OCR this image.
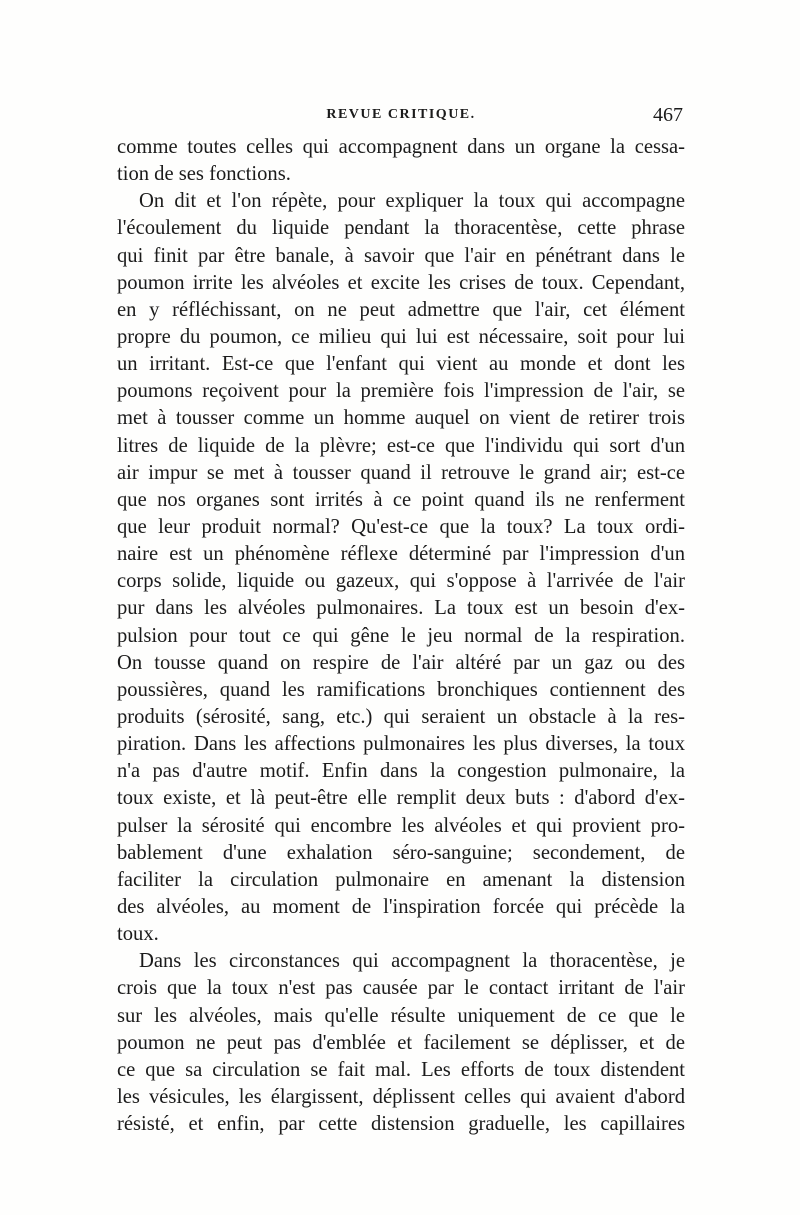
REVUE CRITIQUE.	467
comme toutes celles qui accompagnent dans un organe la cessa-
tion de ses fonctions.
On dit et l'on répète, pour expliquer la toux qui accompagne
l'écoulement du liquide pendant la thoracentèse, cette phrase
qui finit par être banale, à savoir que l'air en pénétrant dans le
poumon irrite les alvéoles et excite les crises de toux. Cependant,
en y réfléchissant, on ne peut admettre que l'air, cet élément
propre du poumon, ce milieu qui lui est nécessaire, soit pour lui
un irritant. Est-ce que l'enfant qui vient au monde et dont les
poumons reçoivent pour la première fois l'impression de l'air, se
met à tousser comme un homme auquel on vient de retirer trois
litres de liquide de la plèvre; est-ce que l'individu qui sort d'un
air impur se met à tousser quand il retrouve le grand air; est-ce
que nos organes sont irrités à ce point quand ils ne renferment
que leur produit normal? Qu'est-ce que la toux? La toux ordi-
naire est un phénomène réflexe déterminé par l'impression d'un
corps solide, liquide ou gazeux, qui s'oppose à l'arrivée de l'air
pur dans les alvéoles pulmonaires. La toux est un besoin d'ex-
pulsion pour tout ce qui gêne le jeu normal de la respiration.
On tousse quand on respire de l'air altéré par un gaz ou des
poussières, quand les ramifications bronchiques contiennent des
produits (sérosité, sang, etc.) qui seraient un obstacle à la res-
piration. Dans les affections pulmonaires les plus diverses, la toux
n'a pas d'autre motif. Enfin dans la congestion pulmonaire, la
toux existe, et là peut-être elle remplit deux buts : d'abord d'ex-
pulser la sérosité qui encombre les alvéoles et qui provient pro-
bablement d'une exhalation séro-sanguine; secondement, de
faciliter la circulation pulmonaire en amenant la distension
des alvéoles, au moment de l'inspiration forcée qui précède la
toux.
Dans les circonstances qui accompagnent la thoracentèse, je
crois que la toux n'est pas causée par le contact irritant de l'air
sur les alvéoles, mais qu'elle résulte uniquement de ce que le
poumon ne peut pas d'emblée et facilement se déplisser, et de
ce que sa circulation se fait mal. Les efforts de toux distendent
les vésicules, les élargissent, déplissent celles qui avaient d'abord
résisté, et enfin, par cette distension graduelle, les capillaires
